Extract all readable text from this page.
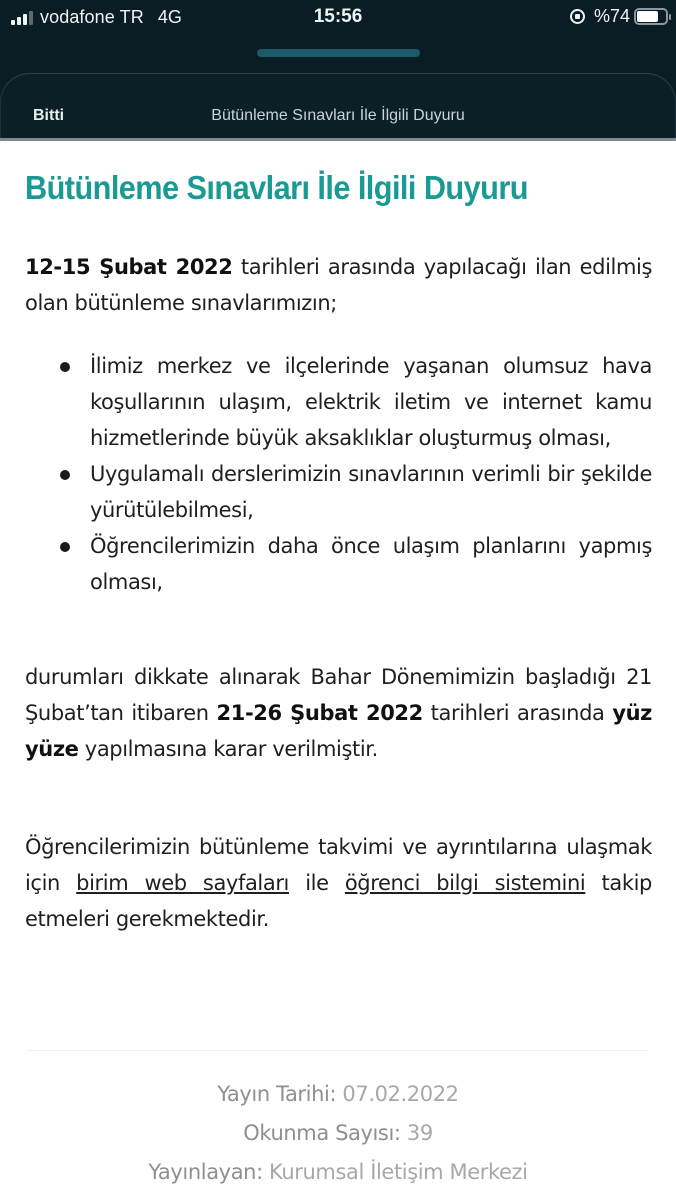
vodafone TR 4G	15:56	%74
Bitti	Bütünleme Sınavları İle İlgili Duyuru
Bütünleme Sınavları İle İlgili Duyuru

12-15 Şubat 2022 tarihleri arasında yapılacağı ilan edilmiş olan bütünleme sınavlarımızın;

İlimiz merkez ve ilçelerinde yaşanan olumsuz hava koşullarının ulaşım, elektrik iletim ve internet kamu hizmetlerinde büyük aksaklıklar oluşturmuş olması,
Uygulamalı derslerimizin sınavlarının verimli bir şekilde yürütülebilmesi,
Öğrencilerimizin daha önce ulaşım planlarını yapmış olması,

durumları dikkate alınarak Bahar Dönemimizin başladığı 21 Şubat’tan itibaren 21-26 Şubat 2022 tarihleri arasında yüz yüze yapılmasına karar verilmiştir.

Öğrencilerimizin bütünleme takvimi ve ayrıntılarına ulaşmak için birim web sayfaları ile öğrenci bilgi sistemini takip etmeleri gerekmektedir.

Yayın Tarihi: 07.02.2022
Okunma Sayısı: 39
Yayınlayan: Kurumsal İletişim Merkezi
